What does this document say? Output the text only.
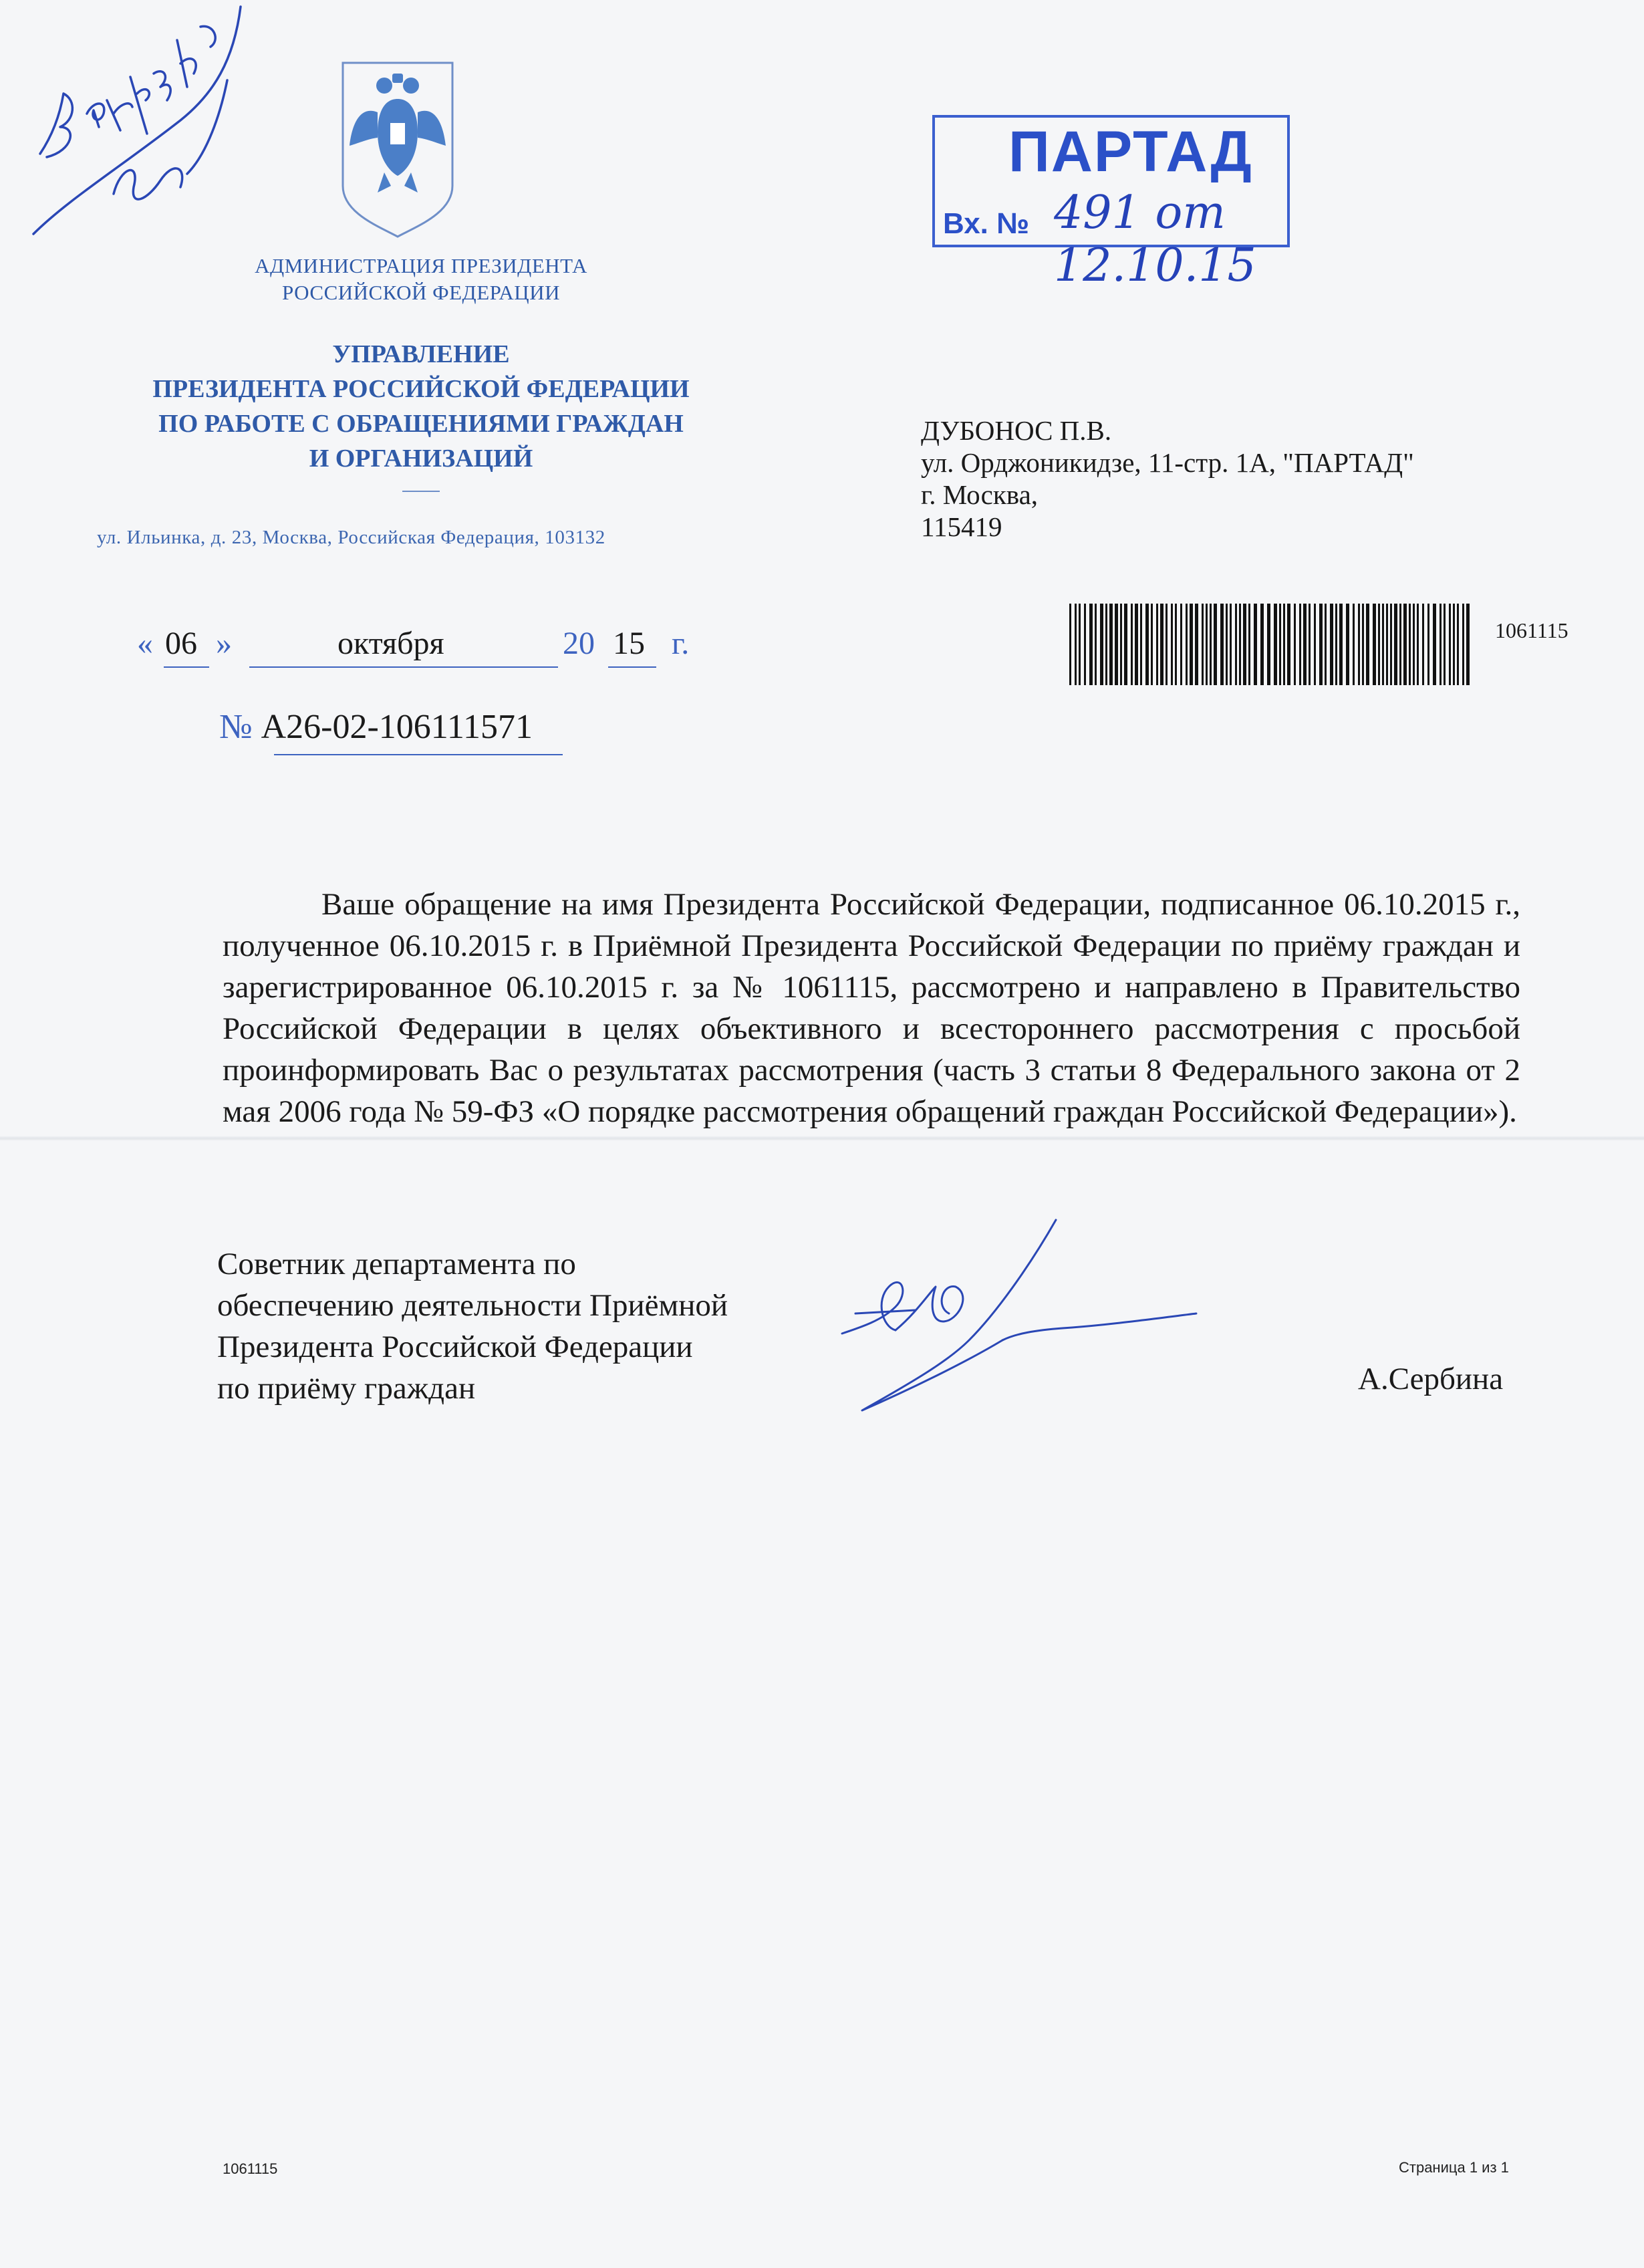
АДМИНИСТРАЦИЯ ПРЕЗИДЕНТА
РОССИЙСКОЙ ФЕДЕРАЦИИ
УПРАВЛЕНИЕ
ПРЕЗИДЕНТА РОССИЙСКОЙ ФЕДЕРАЦИИ
ПО РАБОТЕ С ОБРАЩЕНИЯМИ ГРАЖДАН
И ОРГАНИЗАЦИЙ
ул. Ильинка, д. 23, Москва, Российская Федерация, 103132
ПАРТАД
Вх. № 491 от 12.10.15
ДУБОНОС П.В.
ул. Орджоникидзе, 11-стр. 1А, "ПАРТАД"
г. Москва,
115419
1061115
« 06 »	октября	20 15 г.
№ А26-02-106111571
Ваше обращение на имя Президента Российской Федерации, подписанное 06.10.2015 г., полученное 06.10.2015 г. в Приёмной Президента Российской Федерации по приёму граждан и зарегистрированное 06.10.2015 г. за № 1061115, рассмотрено и направлено в Правительство Российской Федерации в целях объективного и всестороннего рассмотрения с просьбой проинформировать Вас о результатах рассмотрения (часть 3 статьи 8 Федерального закона от 2 мая 2006 года № 59-ФЗ «О порядке рассмотрения обращений граждан Российской Федерации»).
Советник департамента по
обеспечению деятельности Приёмной
Президента Российской Федерации
по приёму граждан	А.Сербина
1061115	Страница 1 из 1
